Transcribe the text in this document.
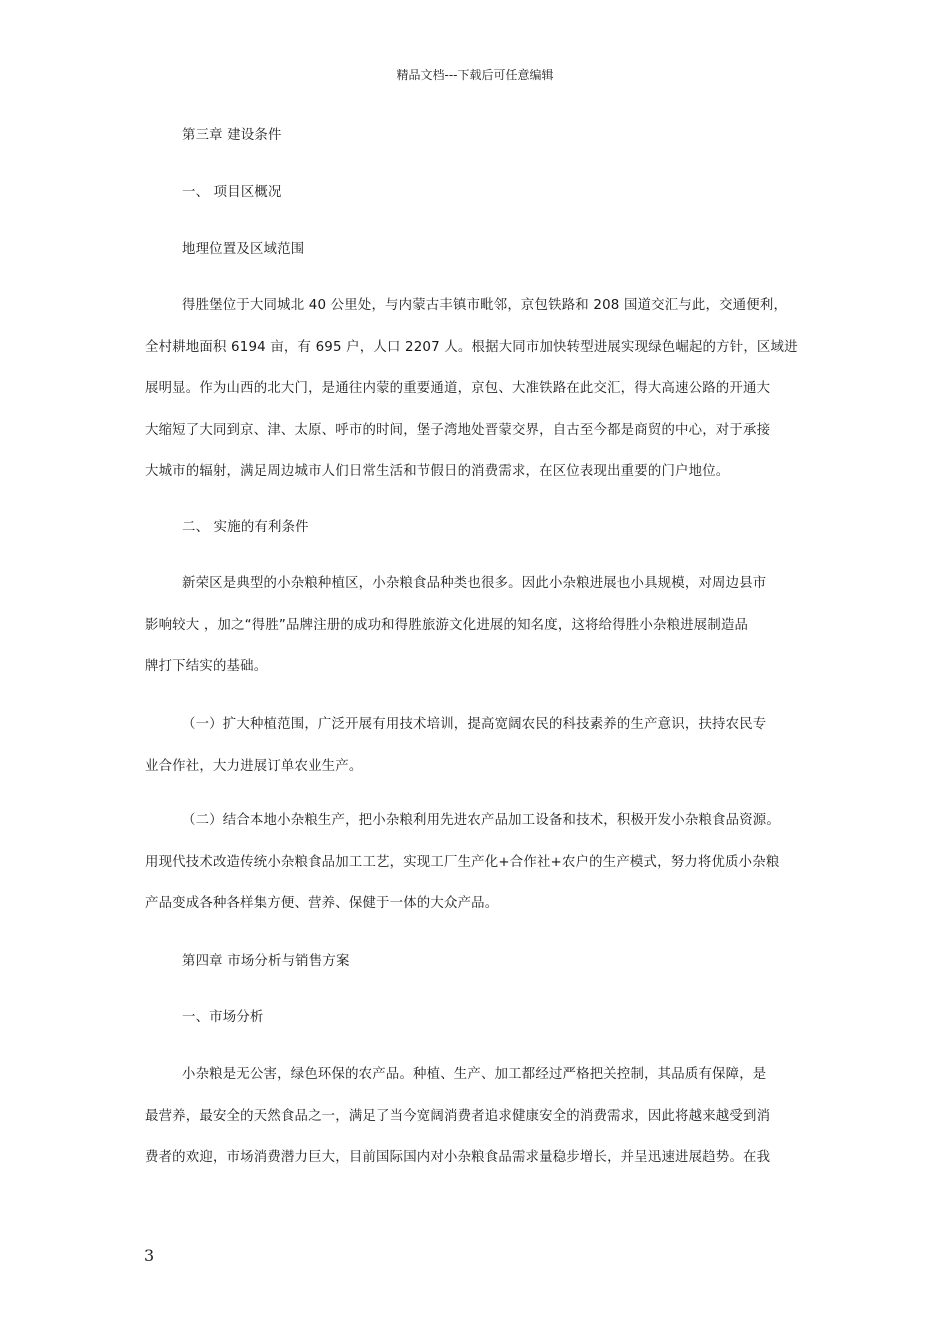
精品文档---下载后可任意编辑
第三章 建设条件
一、 项目区概况
地理位置及区域范围
得胜堡位于大同城北 40 公里处，与内蒙古丰镇市毗邻，京包铁路和 208 国道交汇与此，交通便利，
全村耕地面积 6194 亩，有 695 户，人口 2207 人。根据大同市加快转型进展实现绿色崛起的方针，区域进
展明显。作为山西的北大门，是通往内蒙的重要通道，京包、大准铁路在此交汇，得大高速公路的开通大
大缩短了大同到京、津、太原、呼市的时间，堡子湾地处晋蒙交界，自古至今都是商贸的中心，对于承接
大城市的辐射，满足周边城市人们日常生活和节假日的消费需求，在区位表现出重要的门户地位。
二、 实施的有利条件
新荣区是典型的小杂粮种植区，小杂粮食品种类也很多。因此小杂粮进展也小具规模，对周边县市
影响较大 ，加之“得胜”品牌注册的成功和得胜旅游文化进展的知名度，这将给得胜小杂粮进展制造品
牌打下结实的基础。
（一）扩大种植范围，广泛开展有用技术培训，提高宽阔农民的科技素养的生产意识，扶持农民专
业合作社，大力进展订单农业生产。
（二）结合本地小杂粮生产，把小杂粮利用先进农产品加工设备和技术，积极开发小杂粮食品资源。
用现代技术改造传统小杂粮食品加工工艺，实现工厂生产化+合作社+农户的生产模式，努力将优质小杂粮
产品变成各种各样集方便、营养、保健于一体的大众产品。
第四章 市场分析与销售方案
一、市场分析
小杂粮是无公害，绿色环保的农产品。种植、生产、加工都经过严格把关控制，其品质有保障，是
最营养，最安全的天然食品之一，满足了当今宽阔消费者追求健康安全的消费需求，因此将越来越受到消
费者的欢迎，市场消费潜力巨大，目前国际国内对小杂粮食品需求量稳步增长，并呈迅速进展趋势。在我
3
